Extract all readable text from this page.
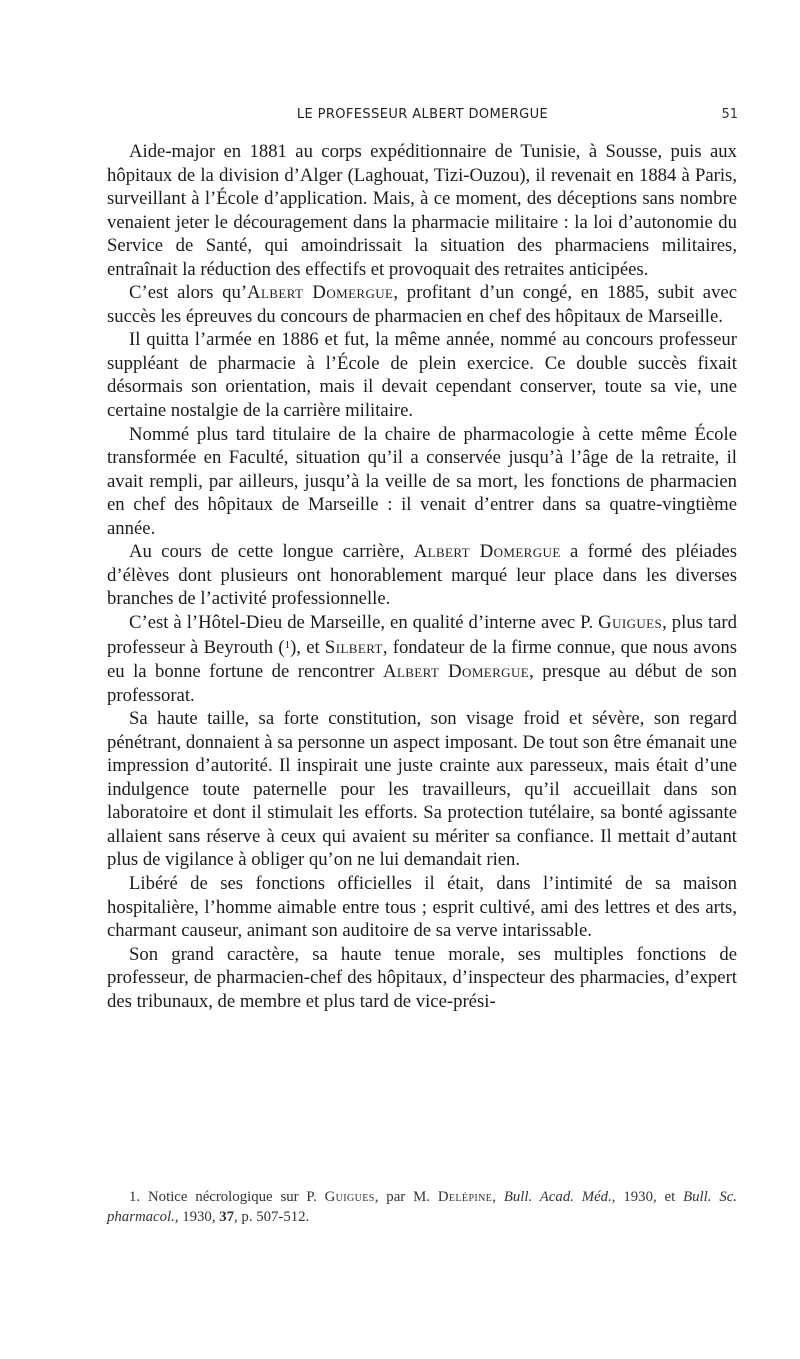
LE PROFESSEUR ALBERT DOMERGUE	51

Aide-major en 1881 au corps expéditionnaire de Tunisie, à Sousse, puis aux hôpitaux de la division d’Alger (Laghouat, Tizi-Ouzou), il revenait en 1884 à Paris, surveillant à l’École d’application. Mais, à ce moment, des déceptions sans nombre venaient jeter le découragement dans la pharmacie militaire : la loi d’autonomie du Service de Santé, qui amoindrissait la situation des pharmaciens militaires, entraînait la réduction des effectifs et provoquait des retraites anticipées.

C’est alors qu’Albert Domergue, profitant d’un congé, en 1885, subit avec succès les épreuves du concours de pharmacien en chef des hôpitaux de Marseille.

Il quitta l’armée en 1886 et fut, la même année, nommé au concours professeur suppléant de pharmacie à l’École de plein exercice. Ce double succès fixait désormais son orientation, mais il devait cependant conserver, toute sa vie, une certaine nostalgie de la carrière militaire.

Nommé plus tard titulaire de la chaire de pharmacologie à cette même École transformée en Faculté, situation qu’il a conservée jusqu’à l’âge de la retraite, il avait rempli, par ailleurs, jusqu’à la veille de sa mort, les fonctions de pharmacien en chef des hôpitaux de Marseille : il venait d’entrer dans sa quatre-vingtième année.

Au cours de cette longue carrière, Albert Domergue a formé des pléiades d’élèves dont plusieurs ont honorablement marqué leur place dans les diverses branches de l’activité professionnelle.

C’est à l’Hôtel-Dieu de Marseille, en qualité d’interne avec P. Guigues, plus tard professeur à Beyrouth ($^1$), et Silbert, fondateur de la firme connue, que nous avons eu la bonne fortune de rencontrer Albert Domergue, presque au début de son professorat.

Sa haute taille, sa forte constitution, son visage froid et sévère, son regard pénétrant, donnaient à sa personne un aspect imposant. De tout son être émanait une impression d’autorité. Il inspirait une juste crainte aux paresseux, mais était d’une indulgence toute paternelle pour les travailleurs, qu’il accueillait dans son laboratoire et dont il stimulait les efforts. Sa protection tutélaire, sa bonté agissante allaient sans réserve à ceux qui avaient su mériter sa confiance. Il mettait d’autant plus de vigilance à obliger qu’on ne lui demandait rien.

Libéré de ses fonctions officielles il était, dans l’intimité de sa maison hospitalière, l’homme aimable entre tous ; esprit cultivé, ami des lettres et des arts, charmant causeur, animant son auditoire de sa verve intarissable.

Son grand caractère, sa haute tenue morale, ses multiples fonctions de professeur, de pharmacien-chef des hôpitaux, d’inspecteur des pharmacies, d’expert des tribunaux, de membre et plus tard de vice-prési-

1. Notice nécrologique sur P. Guigues, par M. Delépine, Bull. Acad. Méd., 1930, et Bull. Sc. pharmacol., 1930, 37, p. 507-512.
